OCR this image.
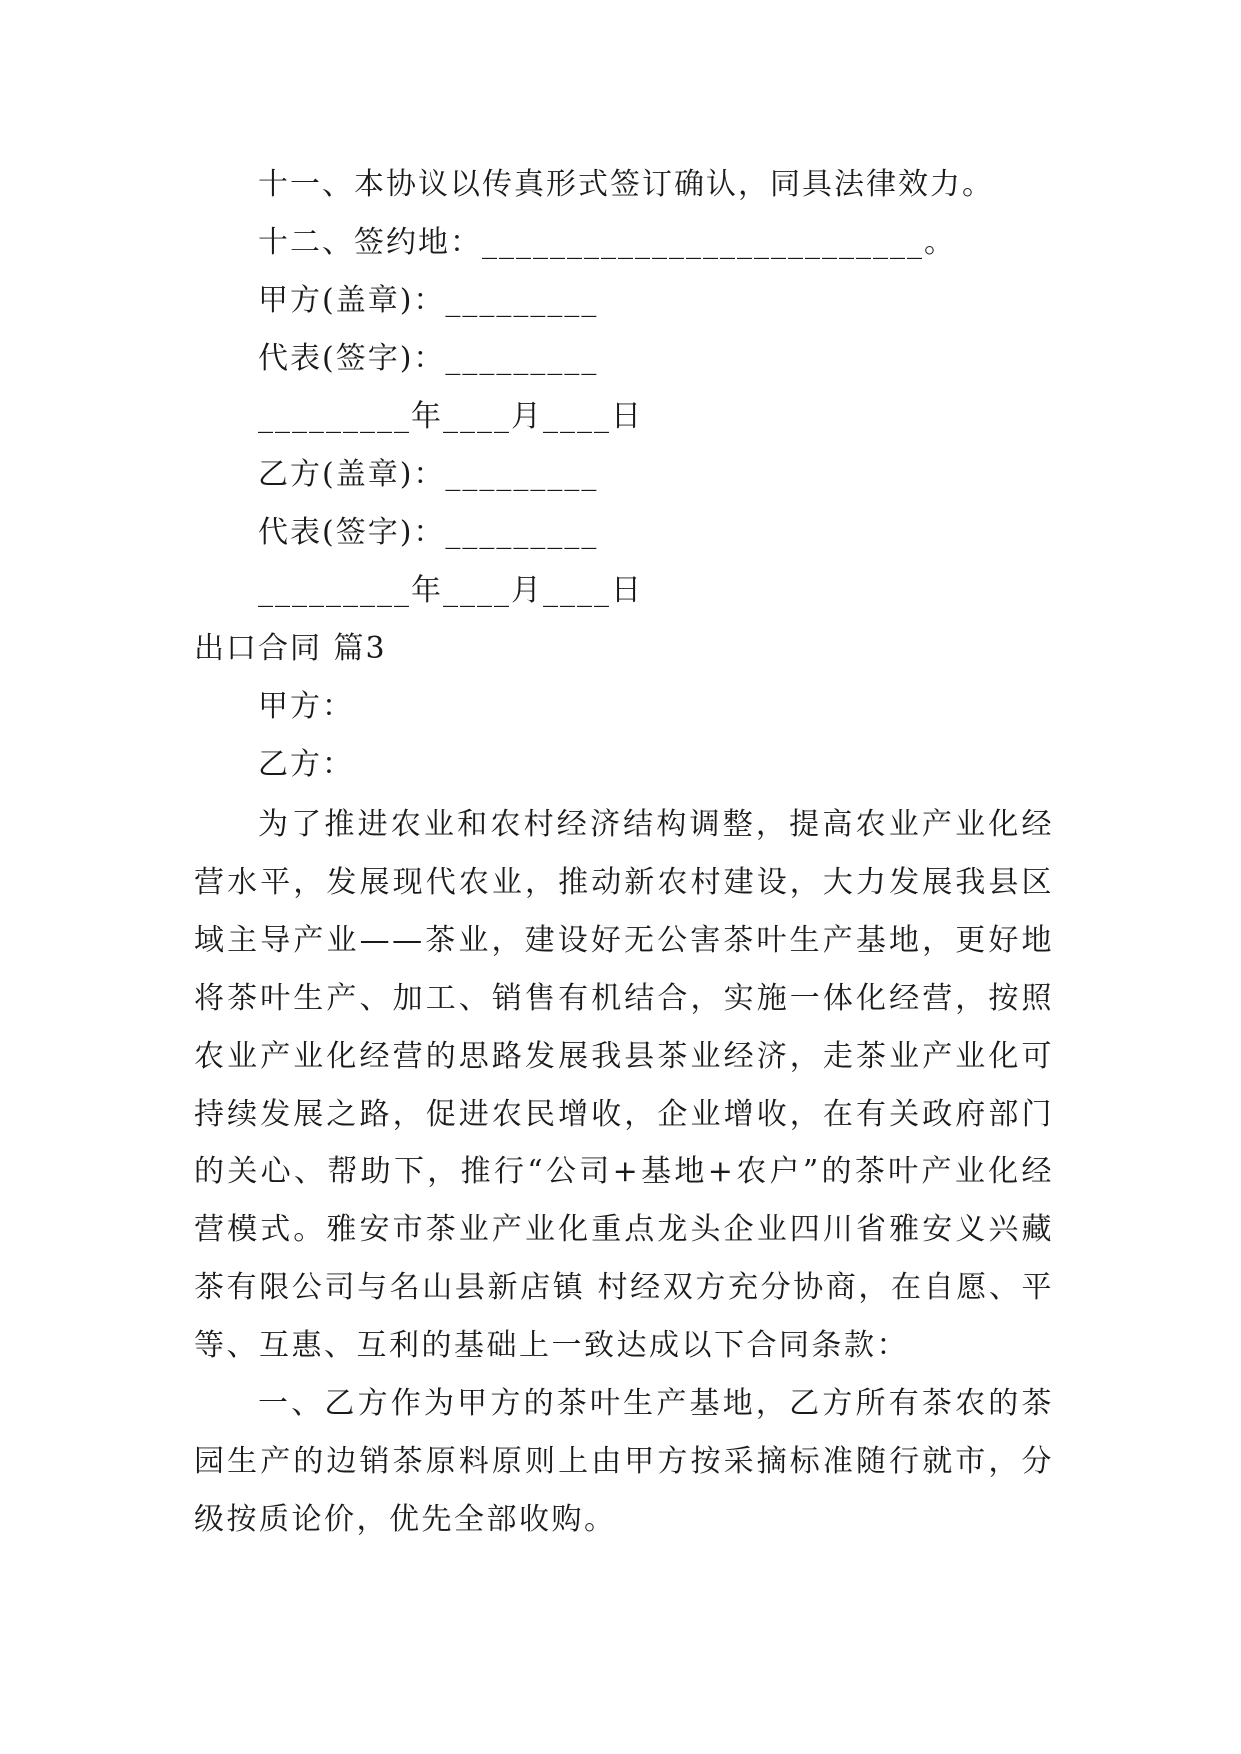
十一、本协议以传真形式签订确认，同具法律效力。
十二、签约地：__________________________。
甲方(盖章)：_________
代表(签字)：_________
_________年____月____日
乙方(盖章)：_________
代表(签字)：_________
_________年____月____日
出口合同 篇3
甲方：
乙方：

为了推进农业和农村经济结构调整，提高农业产业化经营水平，发展现代农业，推动新农村建设，大力发展我县区域主导产业——茶业，建设好无公害茶叶生产基地，更好地将茶叶生产、加工、销售有机结合，实施一体化经营，按照农业产业化经营的思路发展我县茶业经济，走茶业产业化可持续发展之路，促进农民增收，企业增收，在有关政府部门的关心、帮助下，推行“公司+基地+农户”的茶叶产业化经营模式。雅安市茶业产业化重点龙头企业四川省雅安义兴藏茶有限公司与名山县新店镇 村经双方充分协商，在自愿、平等、互惠、互利的基础上一致达成以下合同条款：

一、乙方作为甲方的茶叶生产基地，乙方所有茶农的茶园生产的边销茶原料原则上由甲方按采摘标准随行就市，分级按质论价，优先全部收购。
